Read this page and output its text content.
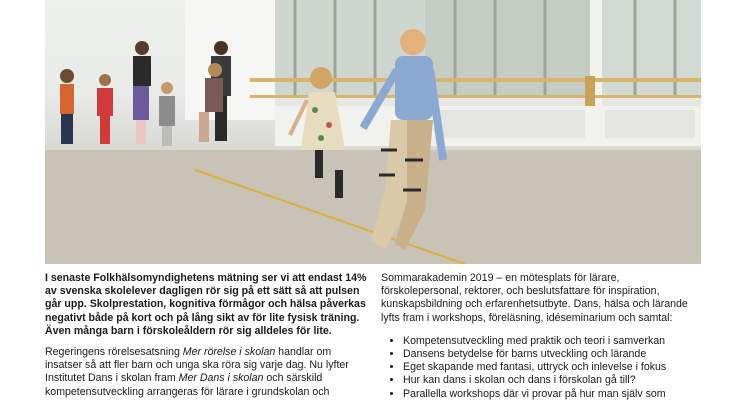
I senaste Folkhälsomyndighetens mätning ser vi att endast 14% av svenska skolelever dagligen rör sig på ett sätt så att pulsen går upp. Skolprestation, kognitiva förmågor och hälsa påverkas negativt både på kort och på lång sikt av för lite fysisk träning. Även många barn i förskoleåldern rör sig alldeles för lite.

Regeringens rörelsesatsning Mer rörelse i skolan handlar om insatser så att fler barn och unga ska röra sig varje dag. Nu lyfter Institutet Dans i skolan fram Mer Dans i skolan och särskild kompetensutveckling arrangeras för lärare i grundskolan och

Sommarakademin 2019 – en mötesplats för lärare, förskolepersonal, rektorer, och beslutsfattare för inspiration, kunskapsbildning och erfarenhetsutbyte. Dans, hälsa och lärande lyfts fram i workshops, föreläsning, idéseminarium och samtal:

• Kompetensutveckling med praktik och teori i samverkan
• Dansens betydelse för barns utveckling och lärande
• Eget skapande med fantasi, uttryck och inlevelse i fokus
• Hur kan dans i skolan och dans i förskolan gå till?
• Parallella workshops där vi provar på hur man själv som
